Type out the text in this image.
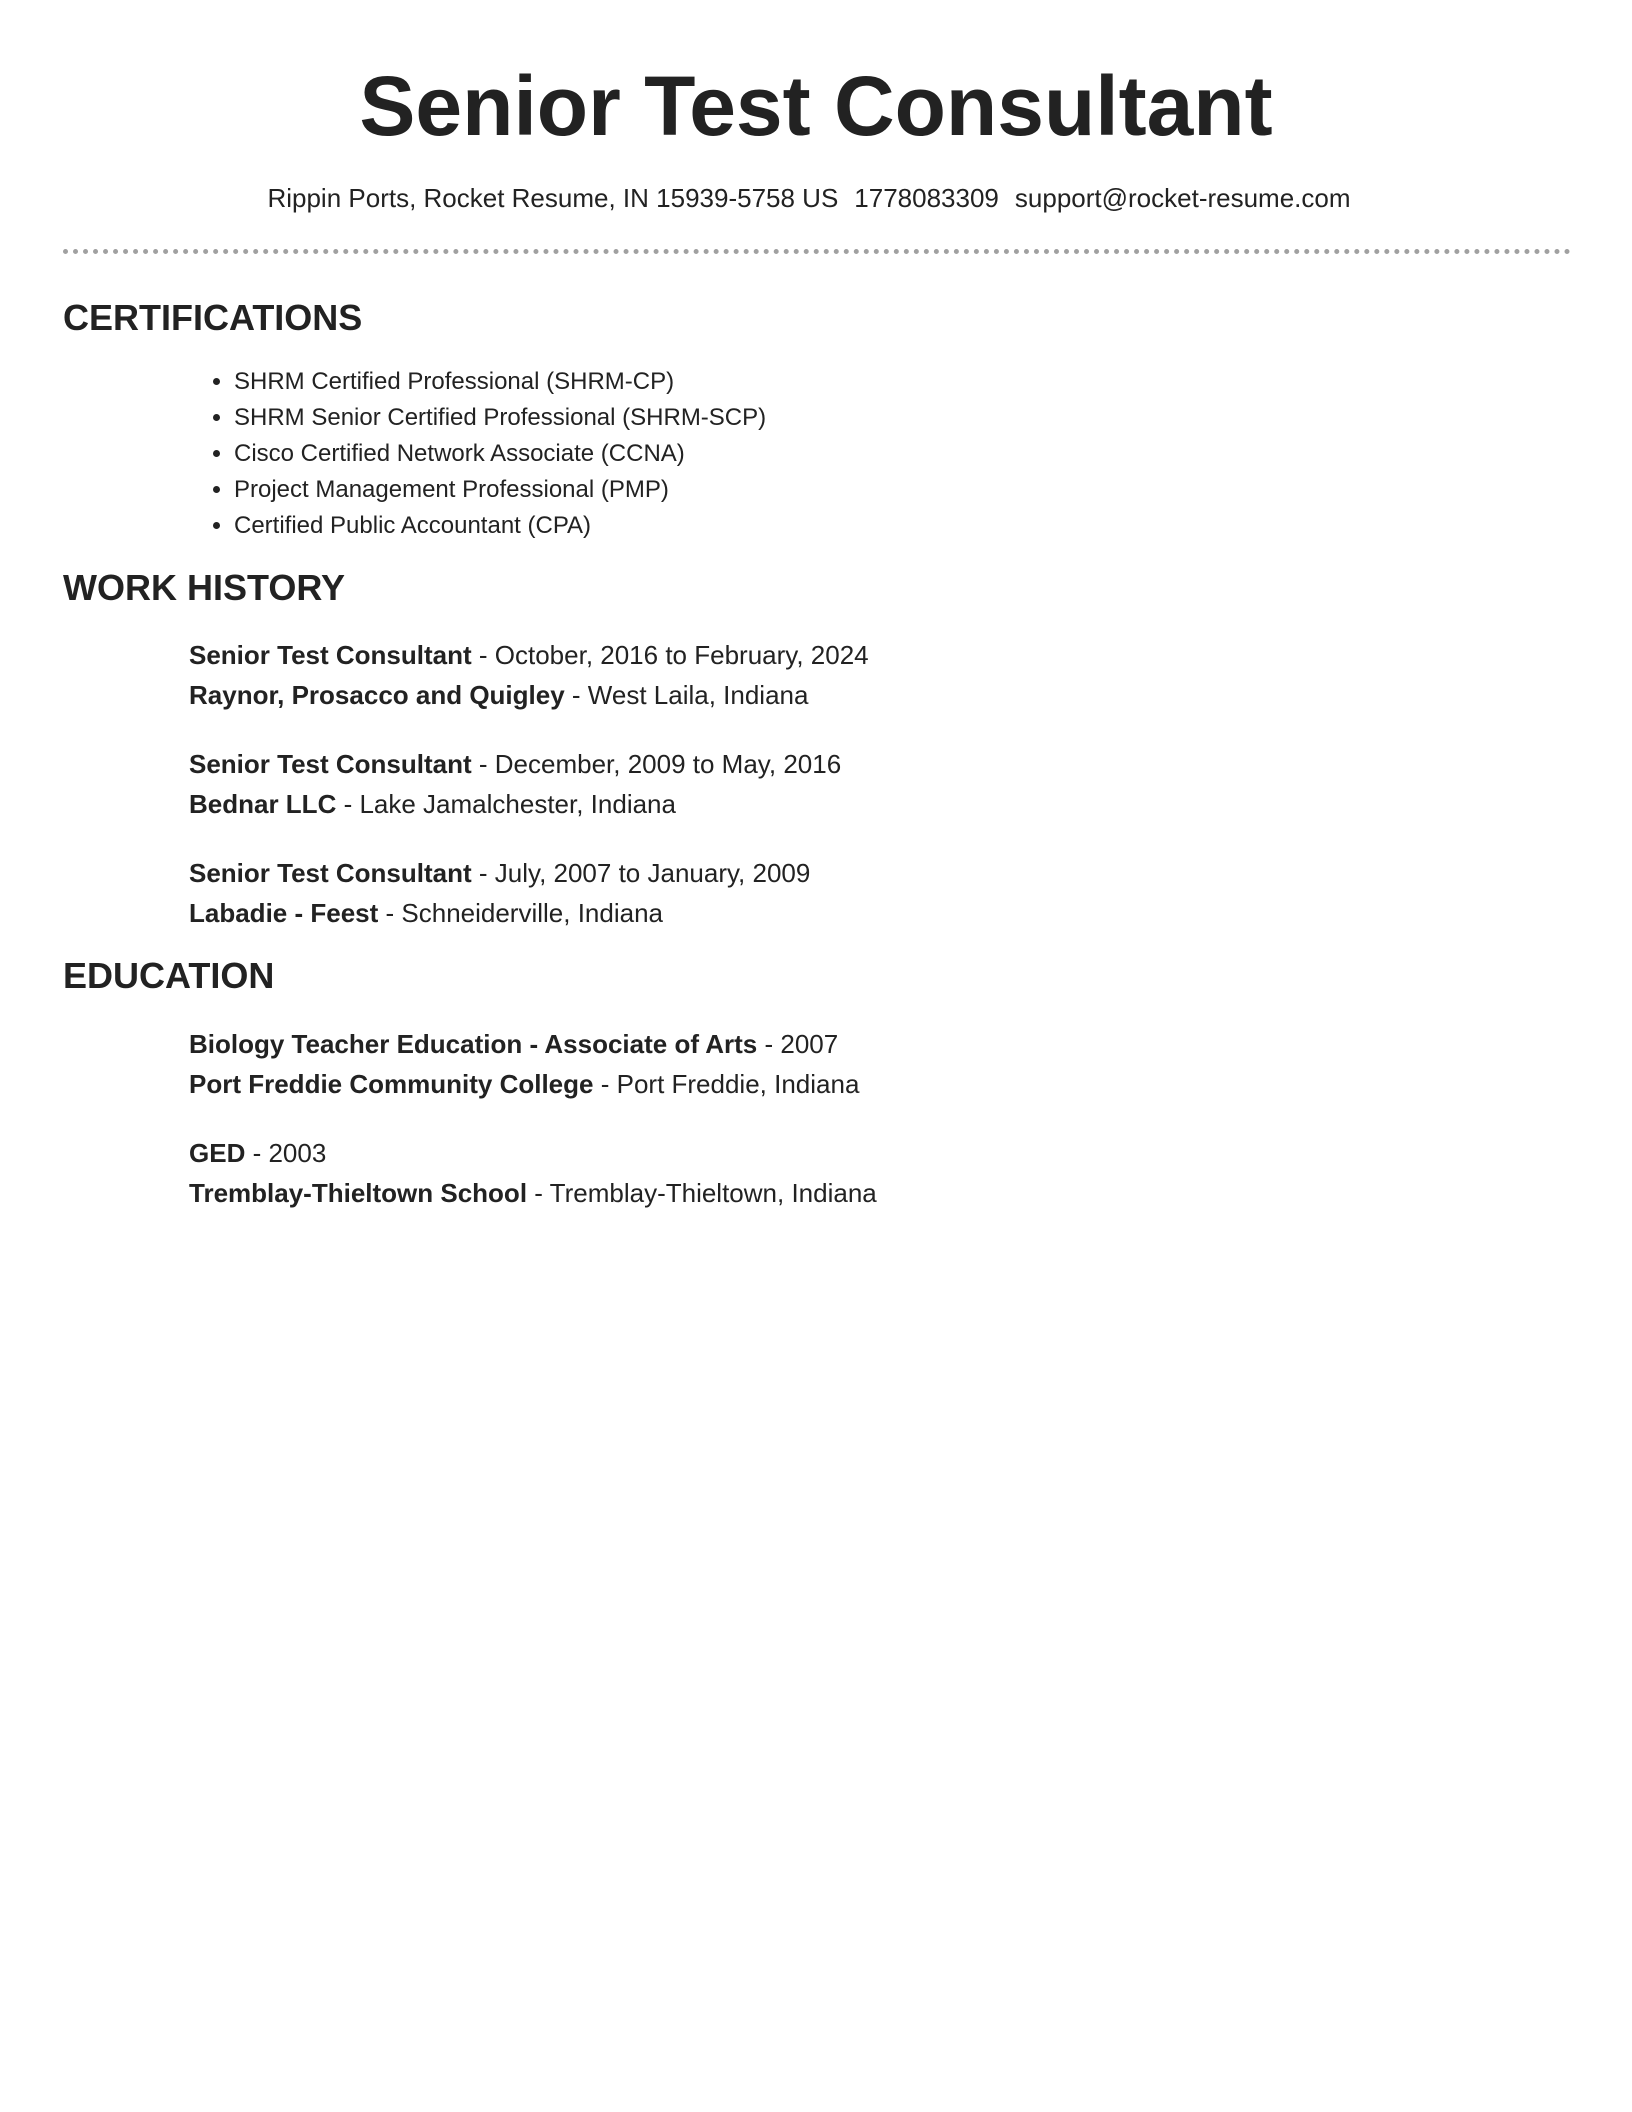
Senior Test Consultant
Rippin Ports, Rocket Resume, IN 15939-5758 US 1778083309 support@rocket-resume.com
CERTIFICATIONS
• SHRM Certified Professional (SHRM-CP)
• SHRM Senior Certified Professional (SHRM-SCP)
• Cisco Certified Network Associate (CCNA)
• Project Management Professional (PMP)
• Certified Public Accountant (CPA)
WORK HISTORY
Senior Test Consultant - October, 2016 to February, 2024
Raynor, Prosacco and Quigley - West Laila, Indiana
Senior Test Consultant - December, 2009 to May, 2016
Bednar LLC - Lake Jamalchester, Indiana
Senior Test Consultant - July, 2007 to January, 2009
Labadie - Feest - Schneiderville, Indiana
EDUCATION
Biology Teacher Education - Associate of Arts - 2007
Port Freddie Community College - Port Freddie, Indiana
GED - 2003
Tremblay-Thieltown School - Tremblay-Thieltown, Indiana
